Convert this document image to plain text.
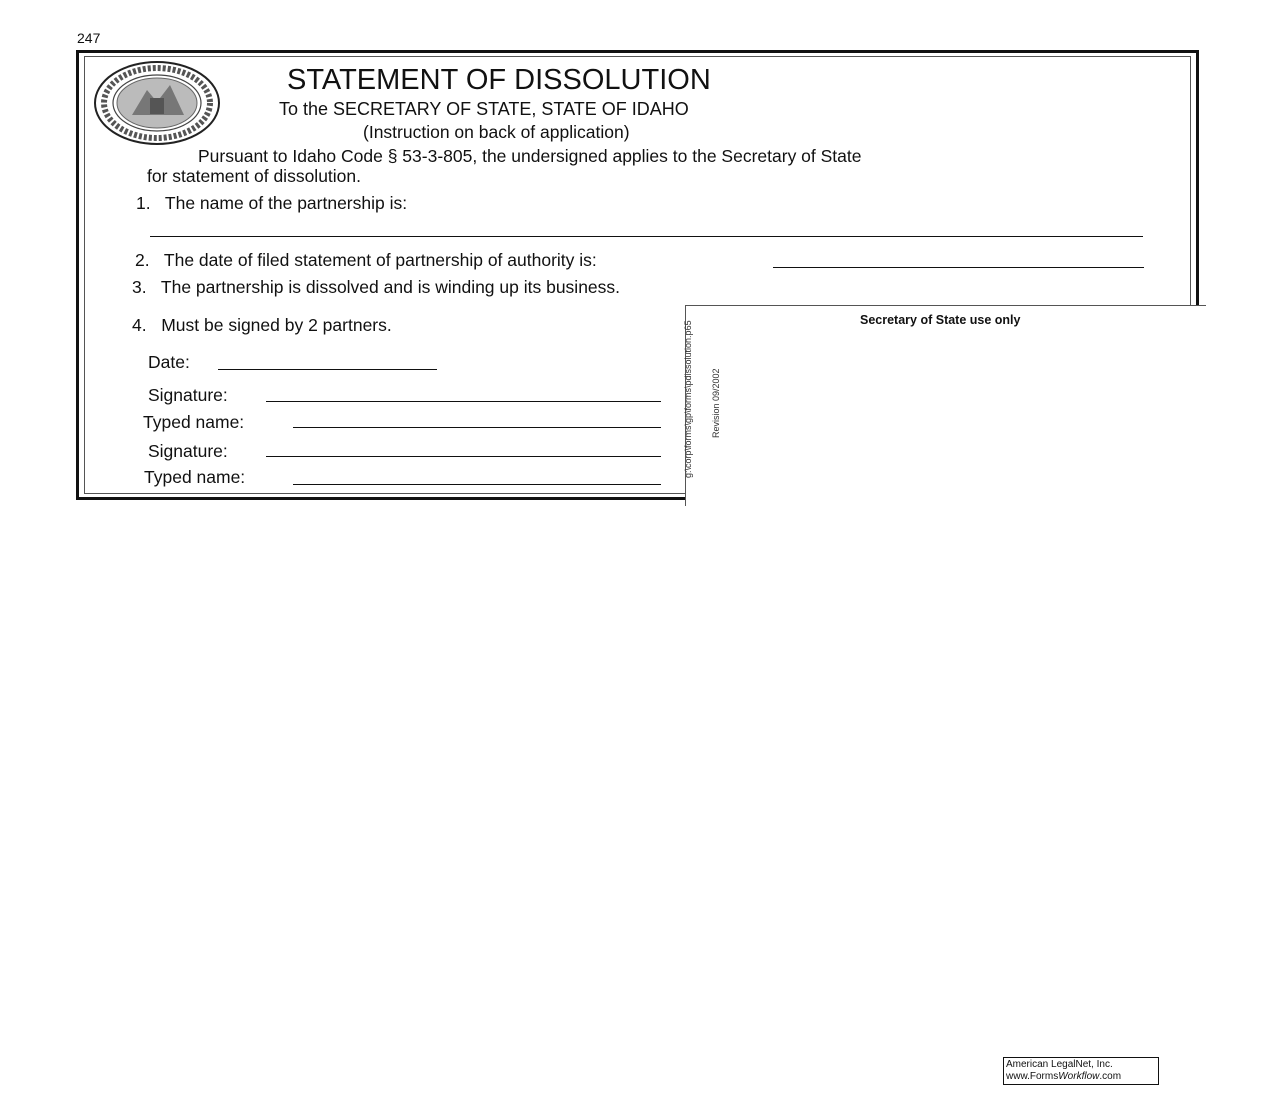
247
STATEMENT OF DISSOLUTION
To the SECRETARY OF STATE, STATE OF IDAHO
(Instruction on back of application)
Pursuant to Idaho Code § 53-3-805, the undersigned applies to the Secretary of State
for statement of dissolution.
1. The name of the partnership is:
2. The date of filed statement of partnership of authority is:
3. The partnership is dissolved and is winding up its business.
Secretary of State use only
g:\corp\forms\gp\forms\pdissolution.p65 Revision 09/2002
4. Must be signed by 2 partners.
Date:
Signature:
Typed name:
Signature:
Typed name:
American LegalNet, Inc.
www.FormsWorkflow.com
